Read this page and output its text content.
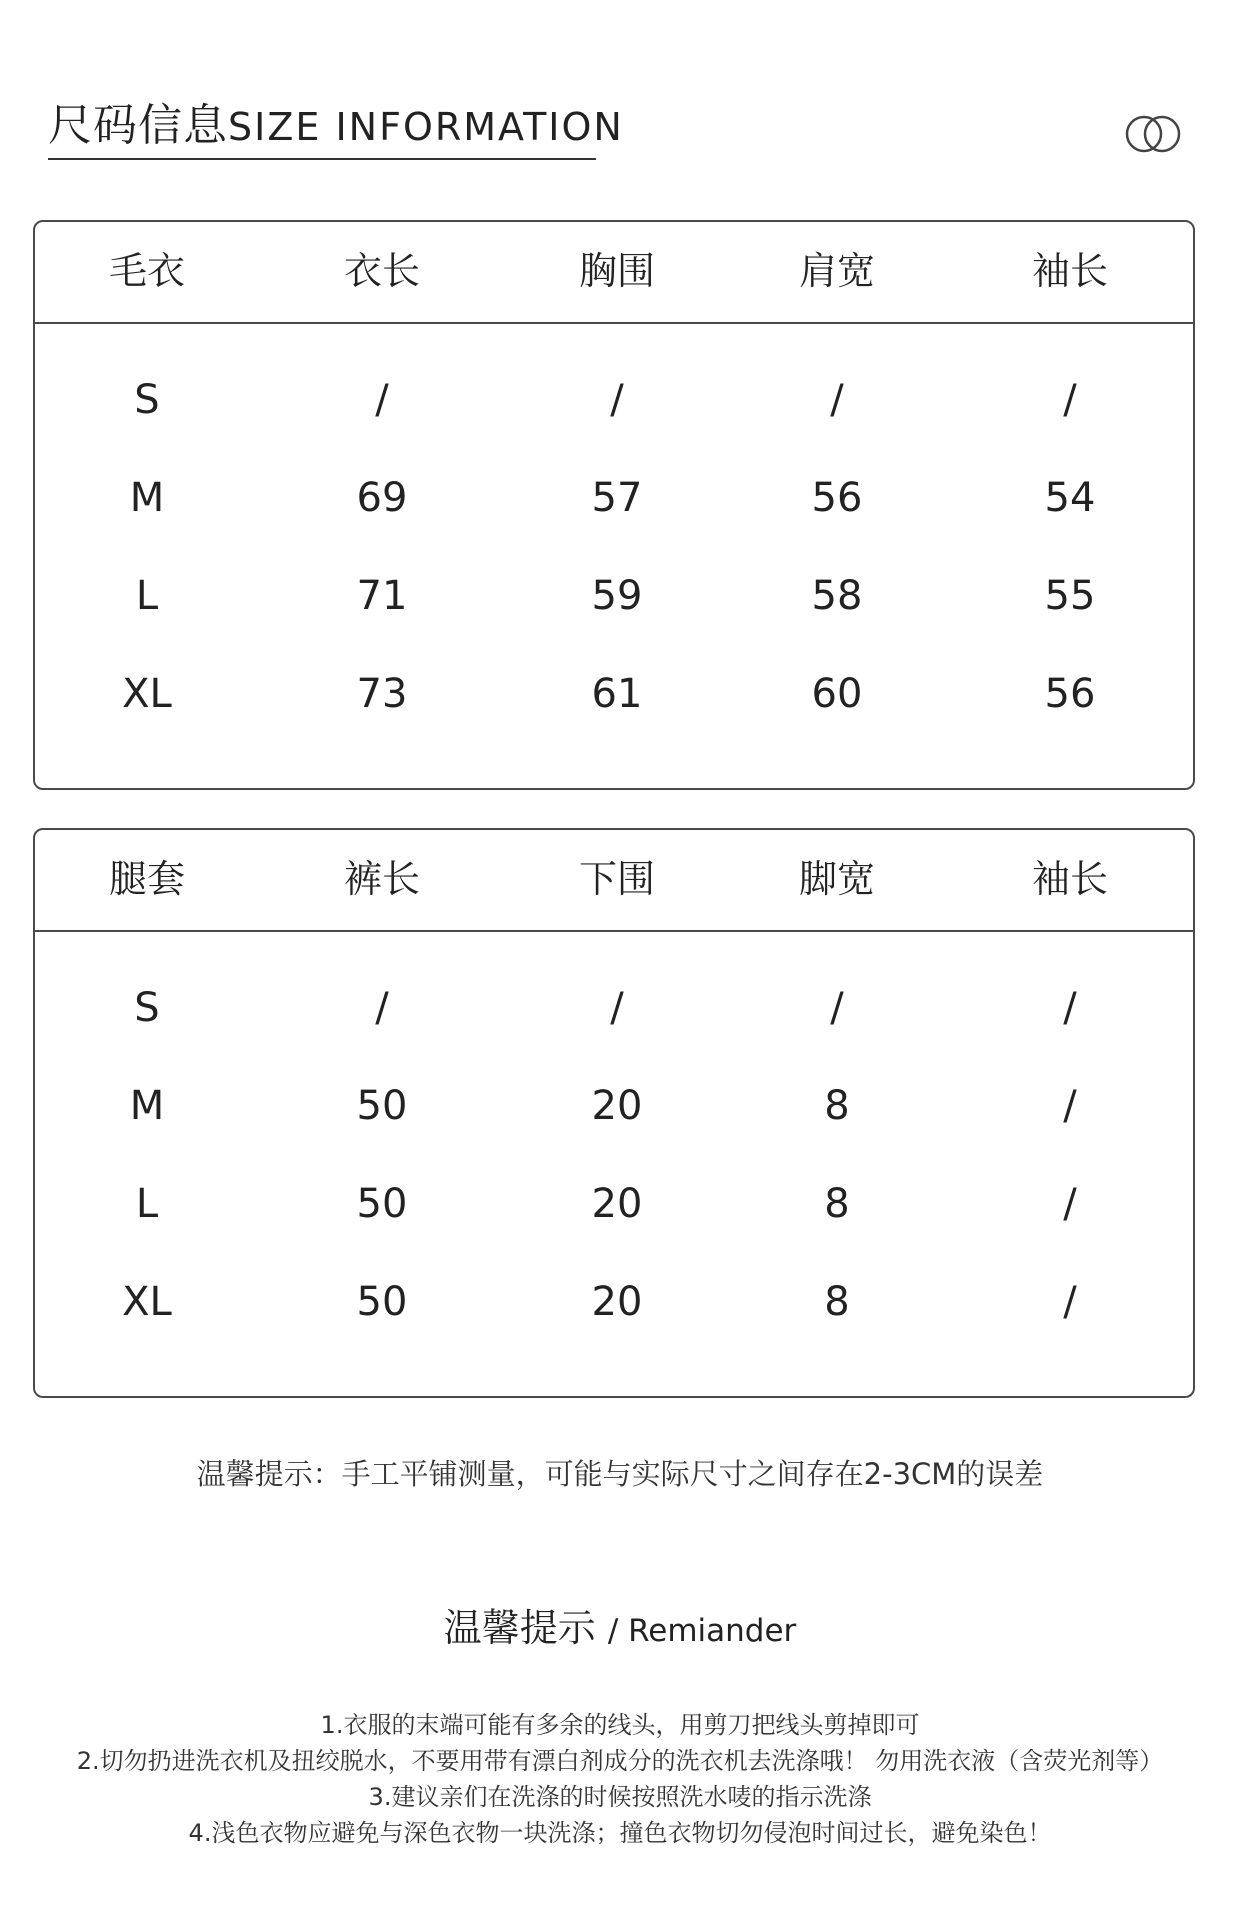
尺码信息SIZE INFORMATION
毛衣	衣长	胸围	肩宽	袖长
S	/	/	/	/
M	69	57	56	54
L	71	59	58	55
XL	73	61	60	56
腿套	裤长	下围	脚宽	袖长
S	/	/	/	/
M	50	20	8	/
L	50	20	8	/
XL	50	20	8	/
温馨提示：手工平铺测量，可能与实际尺寸之间存在2-3CM的误差
温馨提示 / Remiander
1.衣服的末端可能有多余的线头，用剪刀把线头剪掉即可
2.切勿扔进洗衣机及扭绞脱水，不要用带有漂白剂成分的洗衣机去洗涤哦！ 勿用洗衣液（含荧光剂等）
3.建议亲们在洗涤的时候按照洗水唛的指示洗涤
4.浅色衣物应避免与深色衣物一块洗涤；撞色衣物切勿侵泡时间过长，避免染色！
